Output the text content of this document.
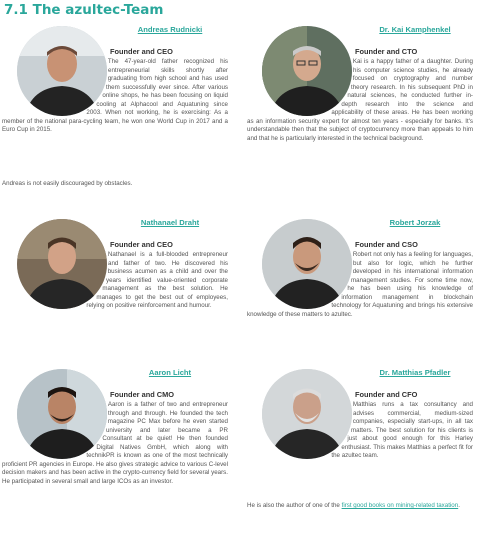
7.1 The azultec-Team

Andreas Rudnicki

Founder and CEO

The 47-year-old father recognized his entrepreneurial skills shortly after graduating from high school and has used them successfully ever since. After various online shops, he has been focusing on liquid cooling at Alphacool and Aquatuning since 2003. When not working, he is exercising: As a member of the national para-cycling team, he won one World Cup in 2017 and a Euro Cup in 2015.

Andreas is not easily discouraged by obstacles.

Dr. Kai Kamphenkel

Founder and CTO

Kai is a happy father of a daughter. During his computer science studies, he already focused on cryptography and number theory research. In his subsequent PhD in natural sciences, he conducted further in-depth research into the science and applicability of these areas. He has been working as an information security expert for almost ten years - especially for banks. It's understandable then that the subject of cryptocurrency more than appeals to him and that he is particularly interested in the technical background.

Nathanael Draht

Founder and CEO

Nathanael is a full-blooded entrepreneur and father of two. He discovered his business acumen as a child and over the years identified value-oriented corporate management as the best solution. He manages to get the best out of employees, relying on positive reinforcement and humour.

Robert Jorzak

Founder and CSO

Robert not only has a feeling for languages, but also for logic, which he further developed in his international information management studies. For some time now, he has been using his knowledge of information management in blockchain technology for Aquatuning and brings his extensive knowledge of these matters to azultec.

Aaron Licht

Founder and CMO

Aaron is a father of two and entrepreneur through and through. He founded the tech magazine PC Max before he even started university and later became a PR Consultant at be quiet! He then founded Digital Natives GmbH, which along with technikPR is known as one of the most technically proficient PR agencies in Europe. He also gives strategic advice to various C-level decision makers and has been active in the crypto-currency field for several years. He participated in several small and large ICOs as an investor.

Dr. Matthias Pfadler

Founder and CFO

Matthias runs a tax consultancy and advises commercial, medium-sized companies, especially start-ups, in all tax matters. The best solution for his clients is just about good enough for this Harley enthusiast. This makes Matthias a perfect fit for the azultec team.

He is also the author of one of the first good books on mining-related taxation.
